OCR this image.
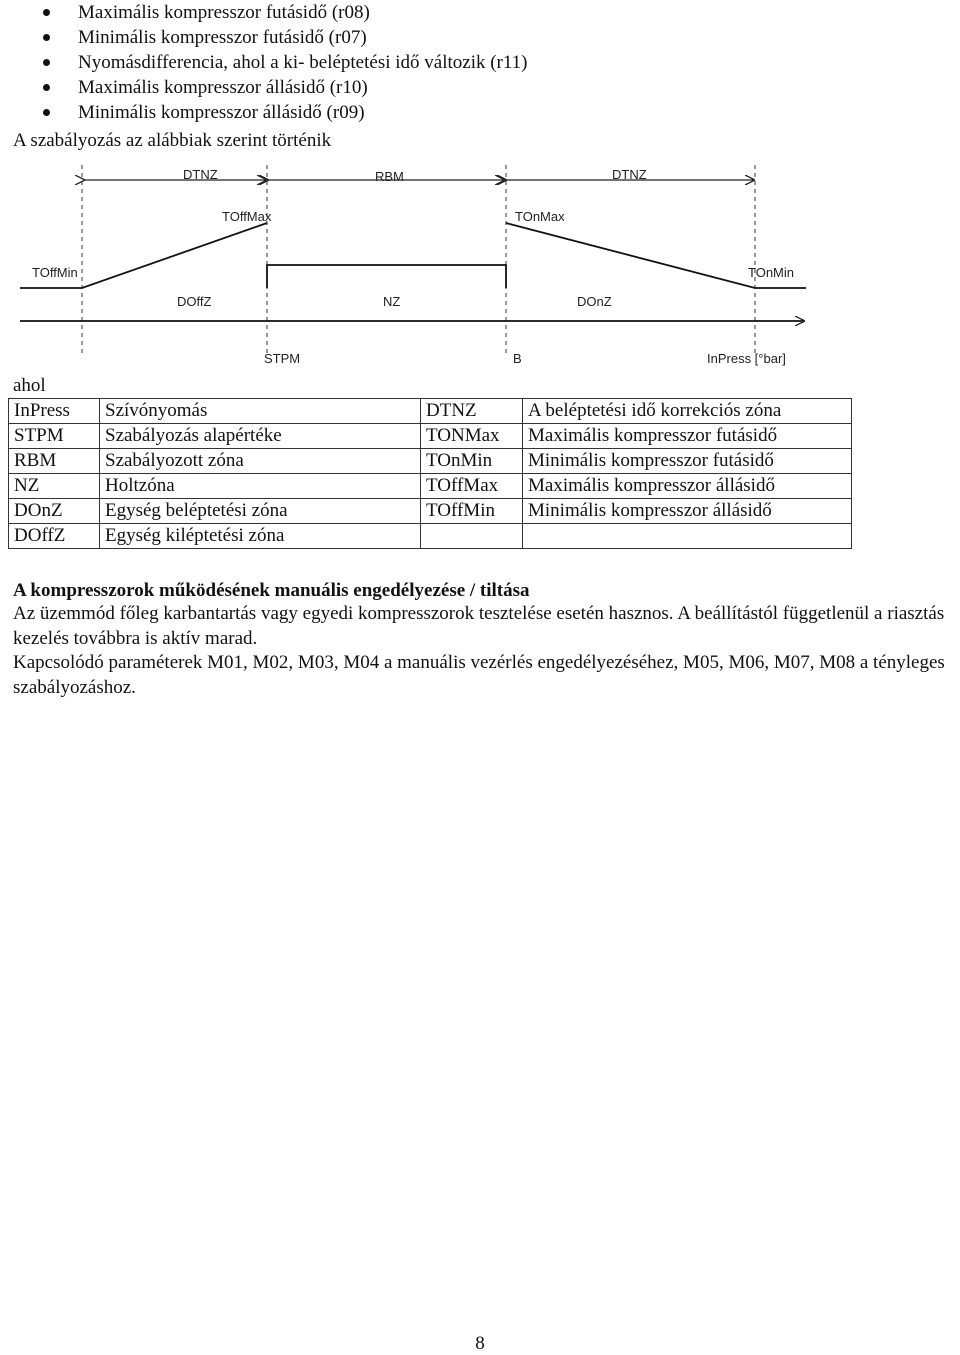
Maximális kompresszor futásidő (r08)
Minimális kompresszor futásidő (r07)
Nyomásdifferencia, ahol a ki- beléptetési idő változik (r11)
Maximális kompresszor állásidő (r10)
Minimális kompresszor állásidő (r09)
A szabályozás az alábbiak szerint történik
DTNZ	RBM	DTNZ
TOffMax	TOnMax
TOffMin	TOnMin
DOffZ	NZ	DOnZ
STPM	B	InPress [°bar]
ahol
InPress	Szívónyomás	DTNZ	A beléptetési idő korrekciós zóna
STPM	Szabályozás alapértéke	TONMax	Maximális kompresszor futásidő
RBM	Szabályozott zóna	TOnMin	Minimális kompresszor futásidő
NZ	Holtzóna	TOffMax	Maximális kompresszor állásidő
DOnZ	Egység beléptetési zóna	TOffMin	Minimális kompresszor állásidő
DOffZ	Egység kiléptetési zóna		
A kompresszorok működésének manuális engedélyezése / tiltása

Az üzemmód főleg karbantartás vagy egyedi kompresszorok tesztelése esetén hasznos. A beállítástól függetlenül a riasztás kezelés továbbra is aktív marad.

Kapcsolódó paraméterek M01, M02, M03, M04 a manuális vezérlés engedélyezéséhez, M05, M06, M07, M08 a tényleges szabályozáshoz.

8
